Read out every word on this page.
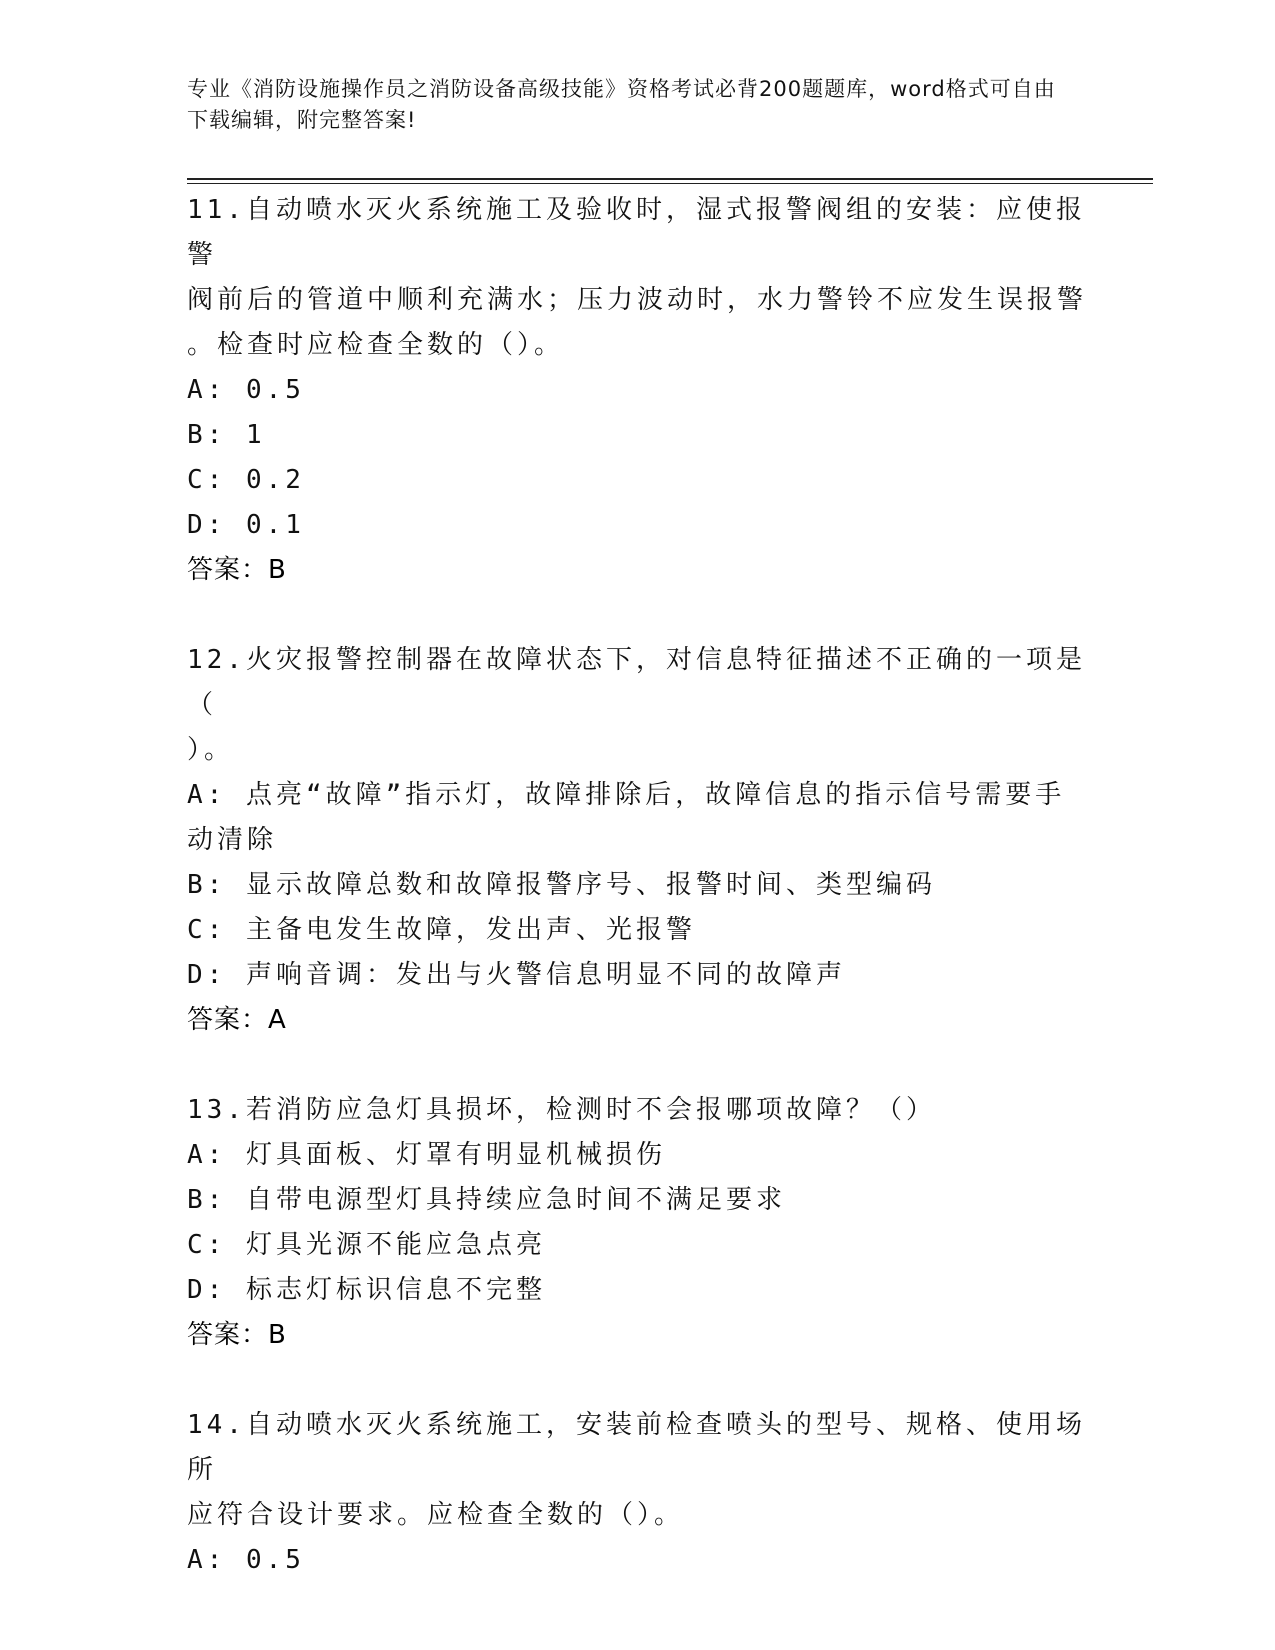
专业《消防设施操作员之消防设备高级技能》资格考试必背200题题库，word格式可自由下载编辑，附完整答案!

11.自动喷水灭火系统施工及验收时，湿式报警阀组的安装：应使报警

阀前后的管道中顺利充满水；压力波动时，水力警铃不应发生误报警

。检查时应检查全数的（）。

A: 0.5

B: 1

C: 0.2

D: 0.1

答案：B

12.火灾报警控制器在故障状态下，对信息特征描述不正确的一项是（

）。

A: 点亮“故障”指示灯，故障排除后，故障信息的指示信号需要手动清除

B: 显示故障总数和故障报警序号、报警时间、类型编码

C: 主备电发生故障，发出声、光报警

D: 声响音调：发出与火警信息明显不同的故障声

答案：A

13.若消防应急灯具损坏，检测时不会报哪项故障？（）

A: 灯具面板、灯罩有明显机械损伤

B: 自带电源型灯具持续应急时间不满足要求

C: 灯具光源不能应急点亮

D: 标志灯标识信息不完整

答案：B

14.自动喷水灭火系统施工，安装前检查喷头的型号、规格、使用场所

应符合设计要求。应检查全数的（）。

A: 0.5
